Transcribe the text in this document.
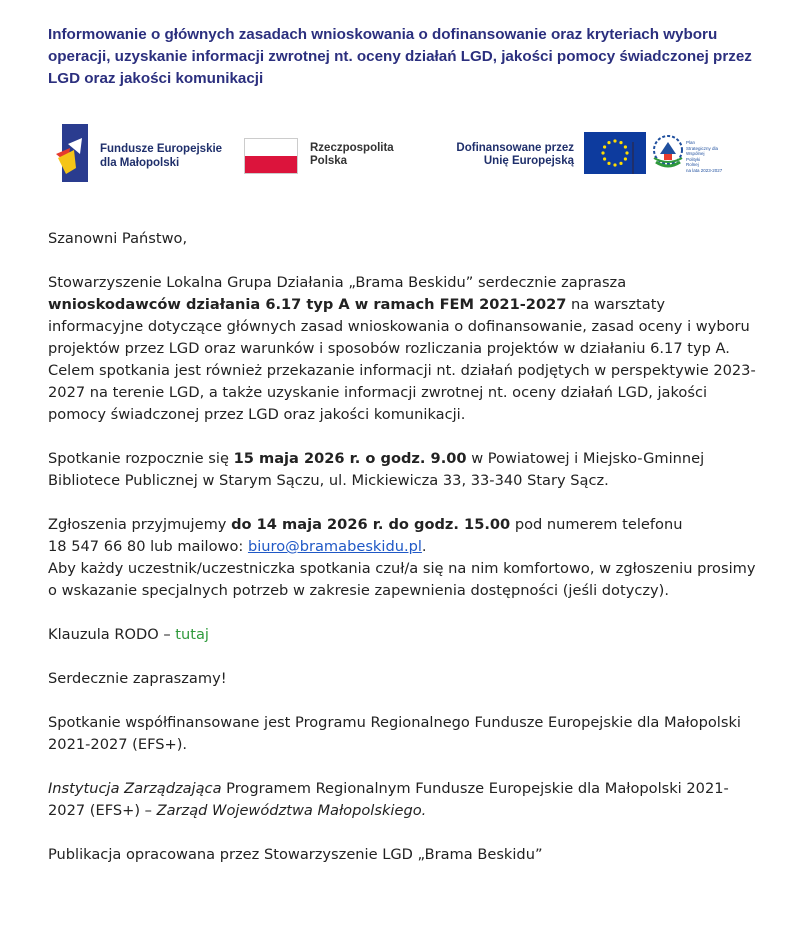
Informowanie o głównych zasadach wnioskowania o dofinansowanie oraz kryteriach wyboru operacji, uzyskanie informacji zwrotnej nt. oceny działań LGD, jakości pomocy świadczonej przez LGD oraz jakości komunikacji
Fundusze Europejskie
dla Małopolski
Rzeczpospolita
Polska
Dofinansowane przez
Unię Europejską
Plan
Strategiczny dla
Wspólnej
Polityki
Rolnej
na lata 2023-2027
Szanowni Państwo,

Stowarzyszenie Lokalna Grupa Działania „Brama Beskidu” serdecznie zaprasza
wnioskodawców działania 6.17 typ A w ramach FEM 2021-2027 na warsztaty informacyjne dotyczące głównych zasad wnioskowania o dofinansowanie, zasad oceny i wyboru projektów przez LGD oraz warunków i sposobów rozliczania projektów w działaniu 6.17 typ A. Celem spotkania jest również przekazanie informacji nt. działań podjętych w perspektywie 2023-2027 na terenie LGD, a także uzyskanie informacji zwrotnej nt. oceny działań LGD, jakości pomocy świadczonej przez LGD oraz jakości komunikacji.

Spotkanie rozpocznie się 15 maja 2026 r. o godz. 9.00 w Powiatowej i Miejsko-Gminnej Bibliotece Publicznej w Starym Sączu, ul. Mickiewicza 33, 33-340 Stary Sącz.

Zgłoszenia przyjmujemy do 14 maja 2026 r. do godz. 15.00 pod numerem telefonu
18 547 66 80 lub mailowo: biuro@bramabeskidu.pl.
Aby każdy uczestnik/uczestniczka spotkania czuł/a się na nim komfortowo, w zgłoszeniu prosimy o wskazanie specjalnych potrzeb w zakresie zapewnienia dostępności (jeśli dotyczy).

Klauzula RODO – tutaj
Serdecznie zapraszamy!
Spotkanie współfinansowane jest Programu Regionalnego Fundusze Europejskie dla Małopolski 2021-2027 (EFS+).
Instytucja Zarządzająca Programem Regionalnym Fundusze Europejskie dla Małopolski 2021-2027 (EFS+) – Zarząd Województwa Małopolskiego.
Publikacja opracowana przez Stowarzyszenie LGD „Brama Beskidu”
